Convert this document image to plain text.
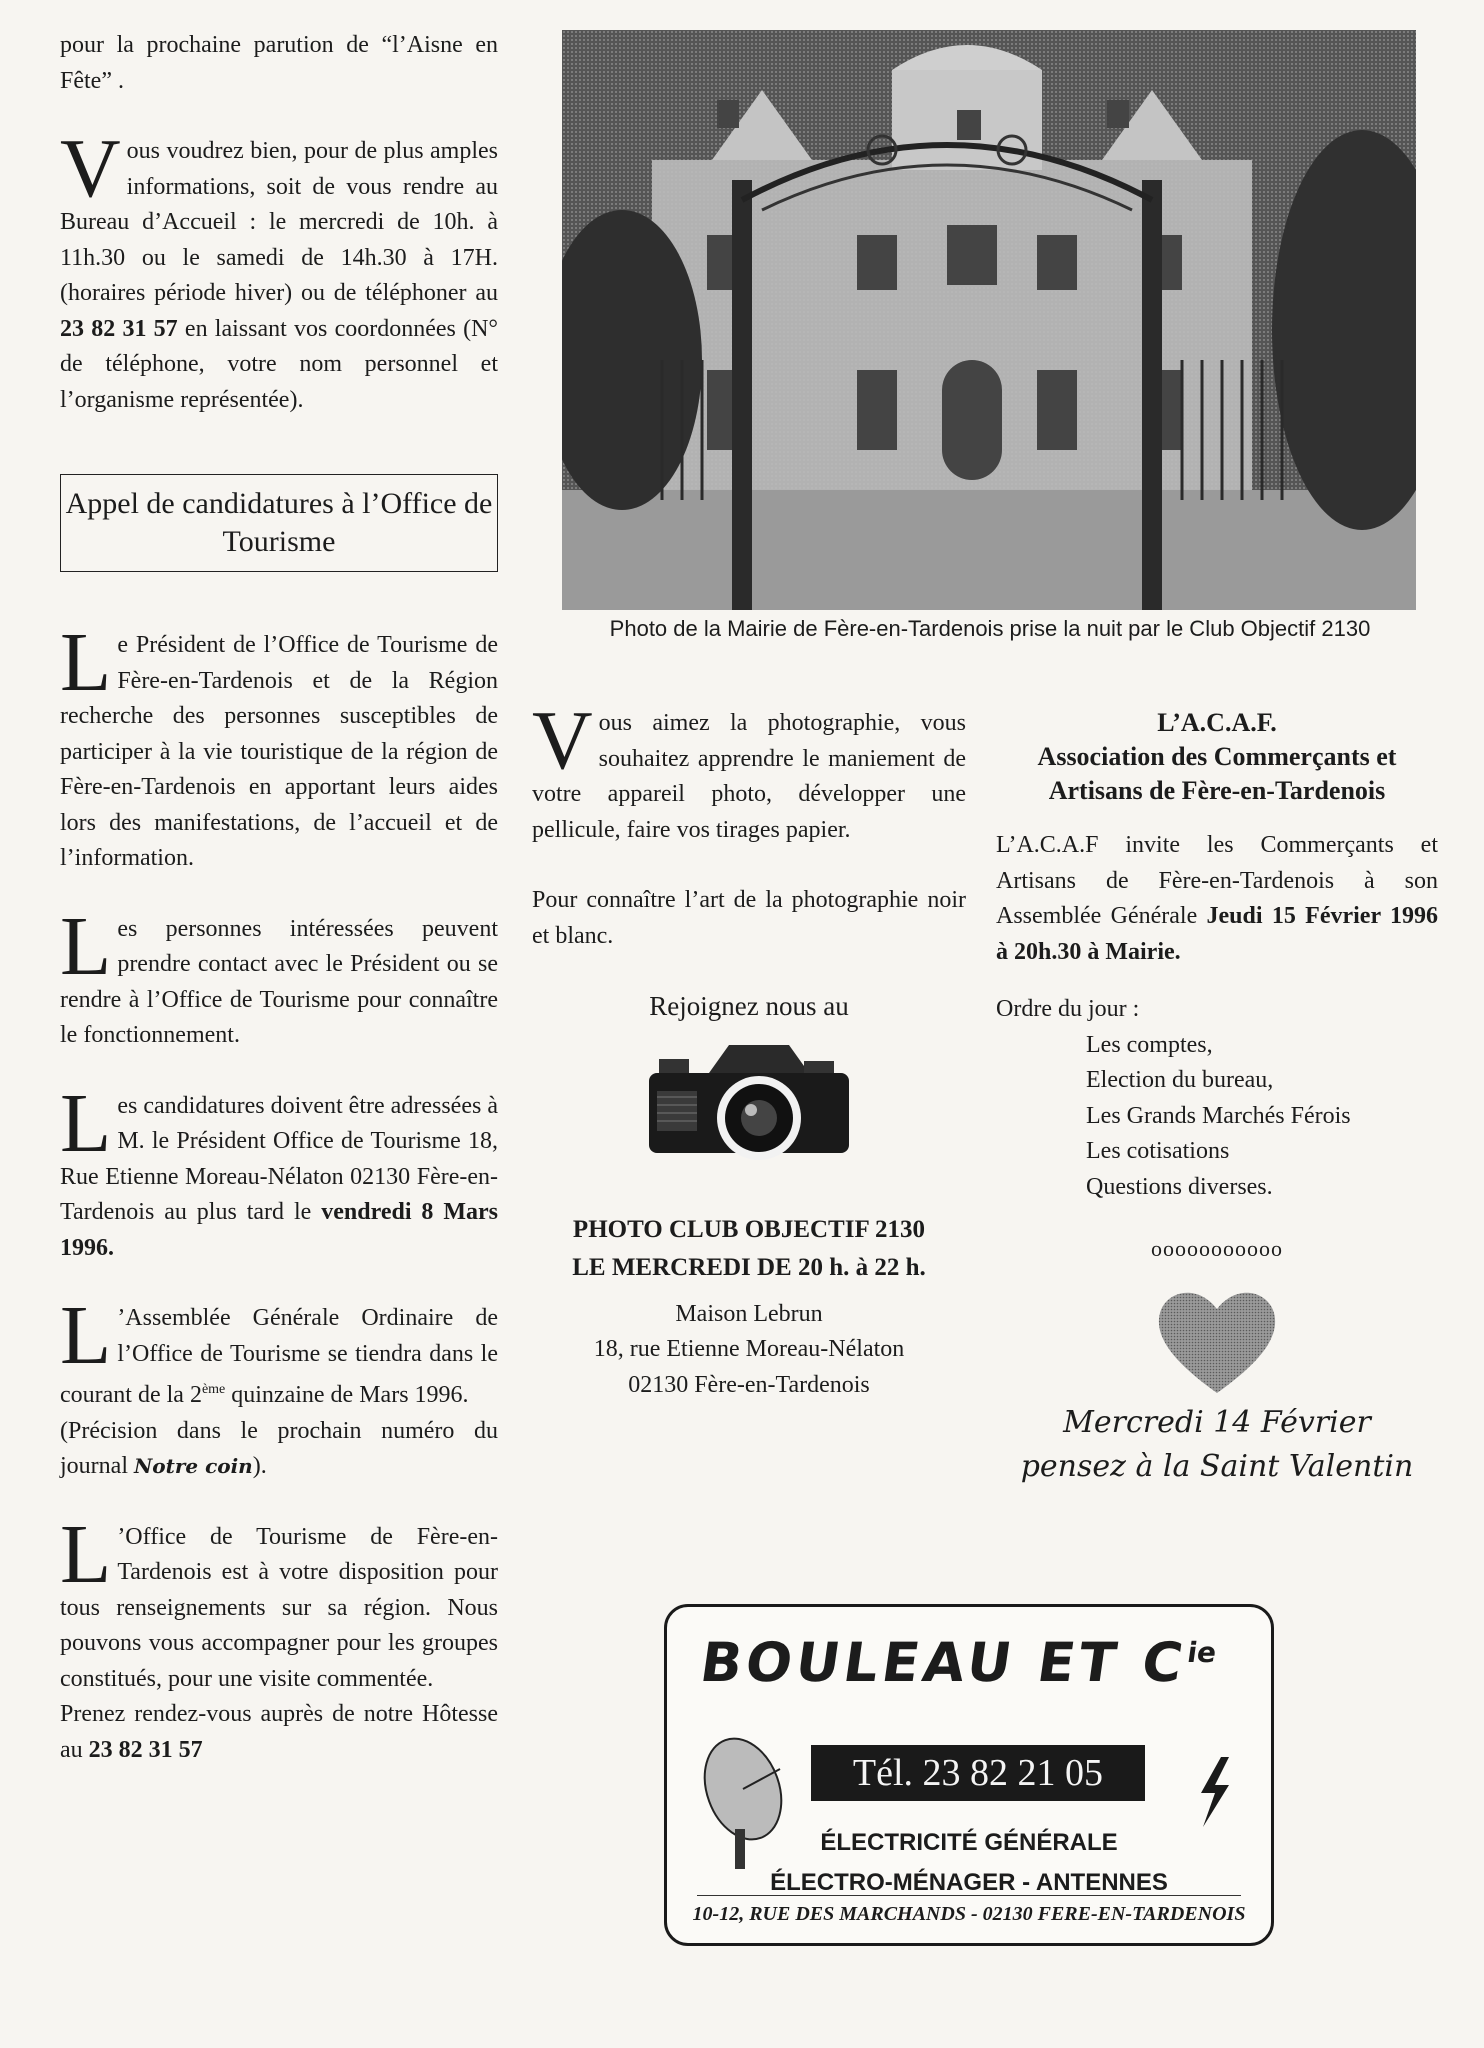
pour la prochaine parution de “l’Aisne en Fête” .

Vous voudrez bien, pour de plus amples informations, soit de vous rendre au Bureau d’Accueil : le mercredi de 10h. à 11h.30 ou le samedi de 14h.30 à 17H. (horaires période hiver) ou de téléphoner au 23 82 31 57 en laissant vos coordonnées (N° de téléphone, votre nom personnel et l’organisme représentée).

Appel de candidatures à l’Office de Tourisme

Le Président de l’Office de Tourisme de Fère-en-Tardenois et de la Région recherche des personnes susceptibles de participer à la vie touristique de la région de Fère-en-Tardenois en apportant leurs aides lors des manifestations, de l’accueil et de l’information.

Les personnes intéressées peuvent prendre contact avec le Président ou se rendre à l’Office de Tourisme pour connaître le fonctionnement.

Les candidatures doivent être adressées à M. le Président Office de Tourisme 18, Rue Etienne Moreau-Nélaton 02130 Fère-en-Tardenois au plus tard le vendredi 8 Mars 1996.

L ’Assemblée Générale Ordinaire de l’Office de Tourisme se tiendra dans le courant de la 2ème quinzaine de Mars 1996.
(Précision dans le prochain numéro du journal Notre coin).

L ’Office de Tourisme de Fère-en-Tardenois est à votre disposition pour tous renseignements sur sa région. Nous pouvons vous accompagner pour les groupes constitués, pour une visite commentée.

Prenez rendez-vous auprès de notre Hôtesse au 23 82 31 57

Photo de la Mairie de Fère-en-Tardenois prise la nuit par le Club Objectif 2130

Vous aimez la photographie, vous souhaitez apprendre le maniement de votre appareil photo, développer une pellicule, faire vos tirages papier.

Pour connaître l’art de la photographie noir et blanc.

Rejoignez nous au

PHOTO CLUB OBJECTIF 2130

LE MERCREDI DE 20 h. à 22 h.

Maison Lebrun

18, rue Etienne Moreau-Nélaton

02130 Fère-en-Tardenois

L’A.C.A.F.

Association des Commerçants et Artisans de Fère-en-Tardenois

L’A.C.A.F invite les Commerçants et Artisans de Fère-en-Tardenois à son Assemblée Générale Jeudi 15 Février 1996 à 20h.30 à Mairie.

Ordre du jour :

Les comptes,

Election du bureau,

Les Grands Marchés Férois

Les cotisations

Questions diverses.

ooooooooooo

Mercredi 14 Février

pensez à la Saint Valentin

BOULEAU ET $C^{ie}$
Tél. 23 82 21 05
ÉLECTRICITÉ GÉNÉRALE
ÉLECTRO-MÉNAGER - ANTENNES
10-12, RUE DES MARCHANDS - 02130 FERE-EN-TARDENOIS
